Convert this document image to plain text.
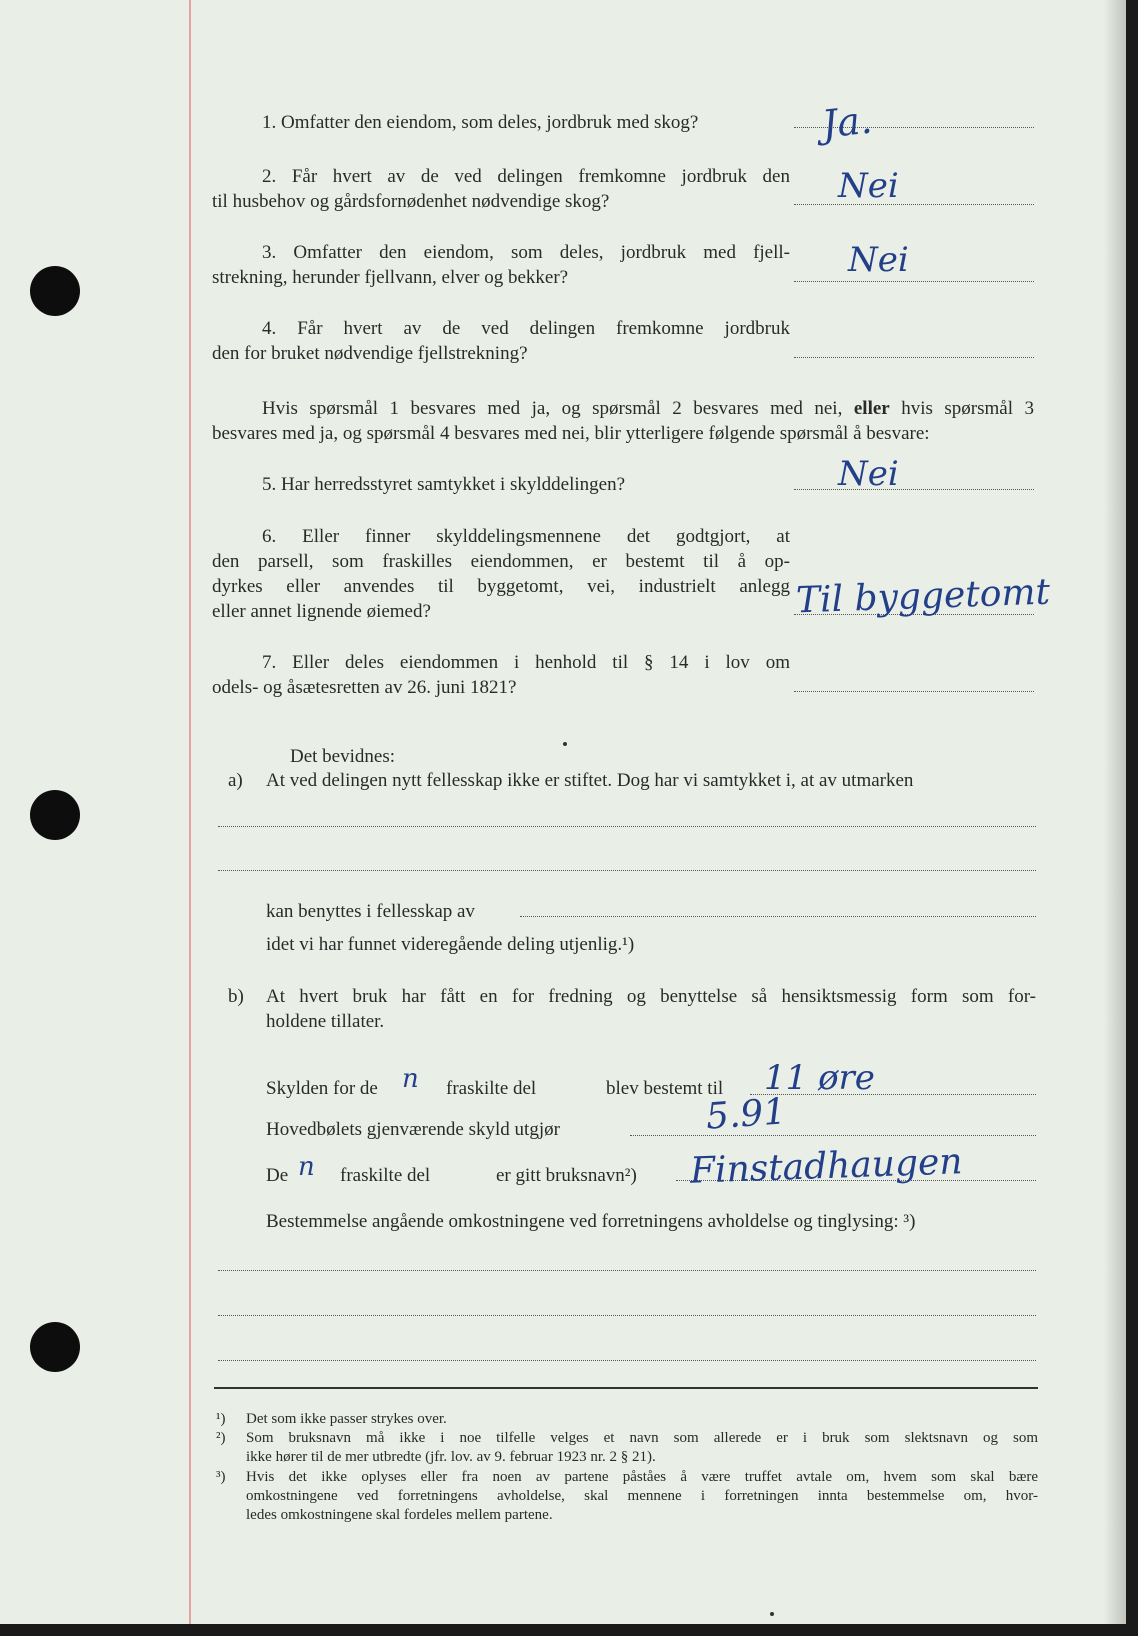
1. Omfatter den eiendom, som deles, jordbruk med skog?	Ja.
2. Får hvert av de ved delingen fremkomne jordbruk den
til husbehov og gårdsfornødenhet nødvendige skog?	Nei
3. Omfatter den eiendom, som deles, jordbruk med fjell-
strekning, herunder fjellvann, elver og bekker?	Nei
4. Får hvert av de ved delingen fremkomne jordbruk
den for bruket nødvendige fjellstrekning?
Hvis spørsmål 1 besvares med ja, og spørsmål 2 besvares med nei, eller hvis spørsmål 3
besvares med ja, og spørsmål 4 besvares med nei, blir ytterligere følgende spørsmål å besvare:
5. Har herredsstyret samtykket i skylddelingen?	Nei
6. Eller finner skylddelingsmennene det godtgjort, at
den parsell, som fraskilles eiendommen, er bestemt til å op-
dyrkes eller anvendes til byggetomt, vei, industrielt anlegg
eller annet lignende øiemed?	Til byggetomt
7. Eller deles eiendommen i henhold til § 14 i lov om
odels- og åsætesretten av 26. juni 1821?
Det bevidnes:
a) At ved delingen nytt fellesskap ikke er stiftet. Dog har vi samtykket i, at av utmarken
kan benyttes i fellesskap av
idet vi har funnet videregående deling utjenlig.¹)
b) At hvert bruk har fått en for fredning og benyttelse så hensiktsmessig form som for-
holdene tillater.
Skylden for de n fraskilte del	blev bestemt til 11 øre
Hovedbølets gjenværende skyld utgjør	5.91
De n fraskilte del	er gitt bruksnavn²) Finstadhaugen
Bestemmelse angående omkostningene ved forretningens avholdelse og tinglysing: ³)
¹) Det som ikke passer strykes over.
²) Som bruksnavn må ikke i noe tilfelle velges et navn som allerede er i bruk som slektsnavn og som
ikke hører til de mer utbredte (jfr. lov. av 9. februar 1923 nr. 2 § 21).
³) Hvis det ikke oplyses eller fra noen av partene påståes å være truffet avtale om, hvem som skal bære
omkostningene ved forretningens avholdelse, skal mennene i forretningen innta bestemmelse om, hvor-
ledes omkostningene skal fordeles mellem partene.
